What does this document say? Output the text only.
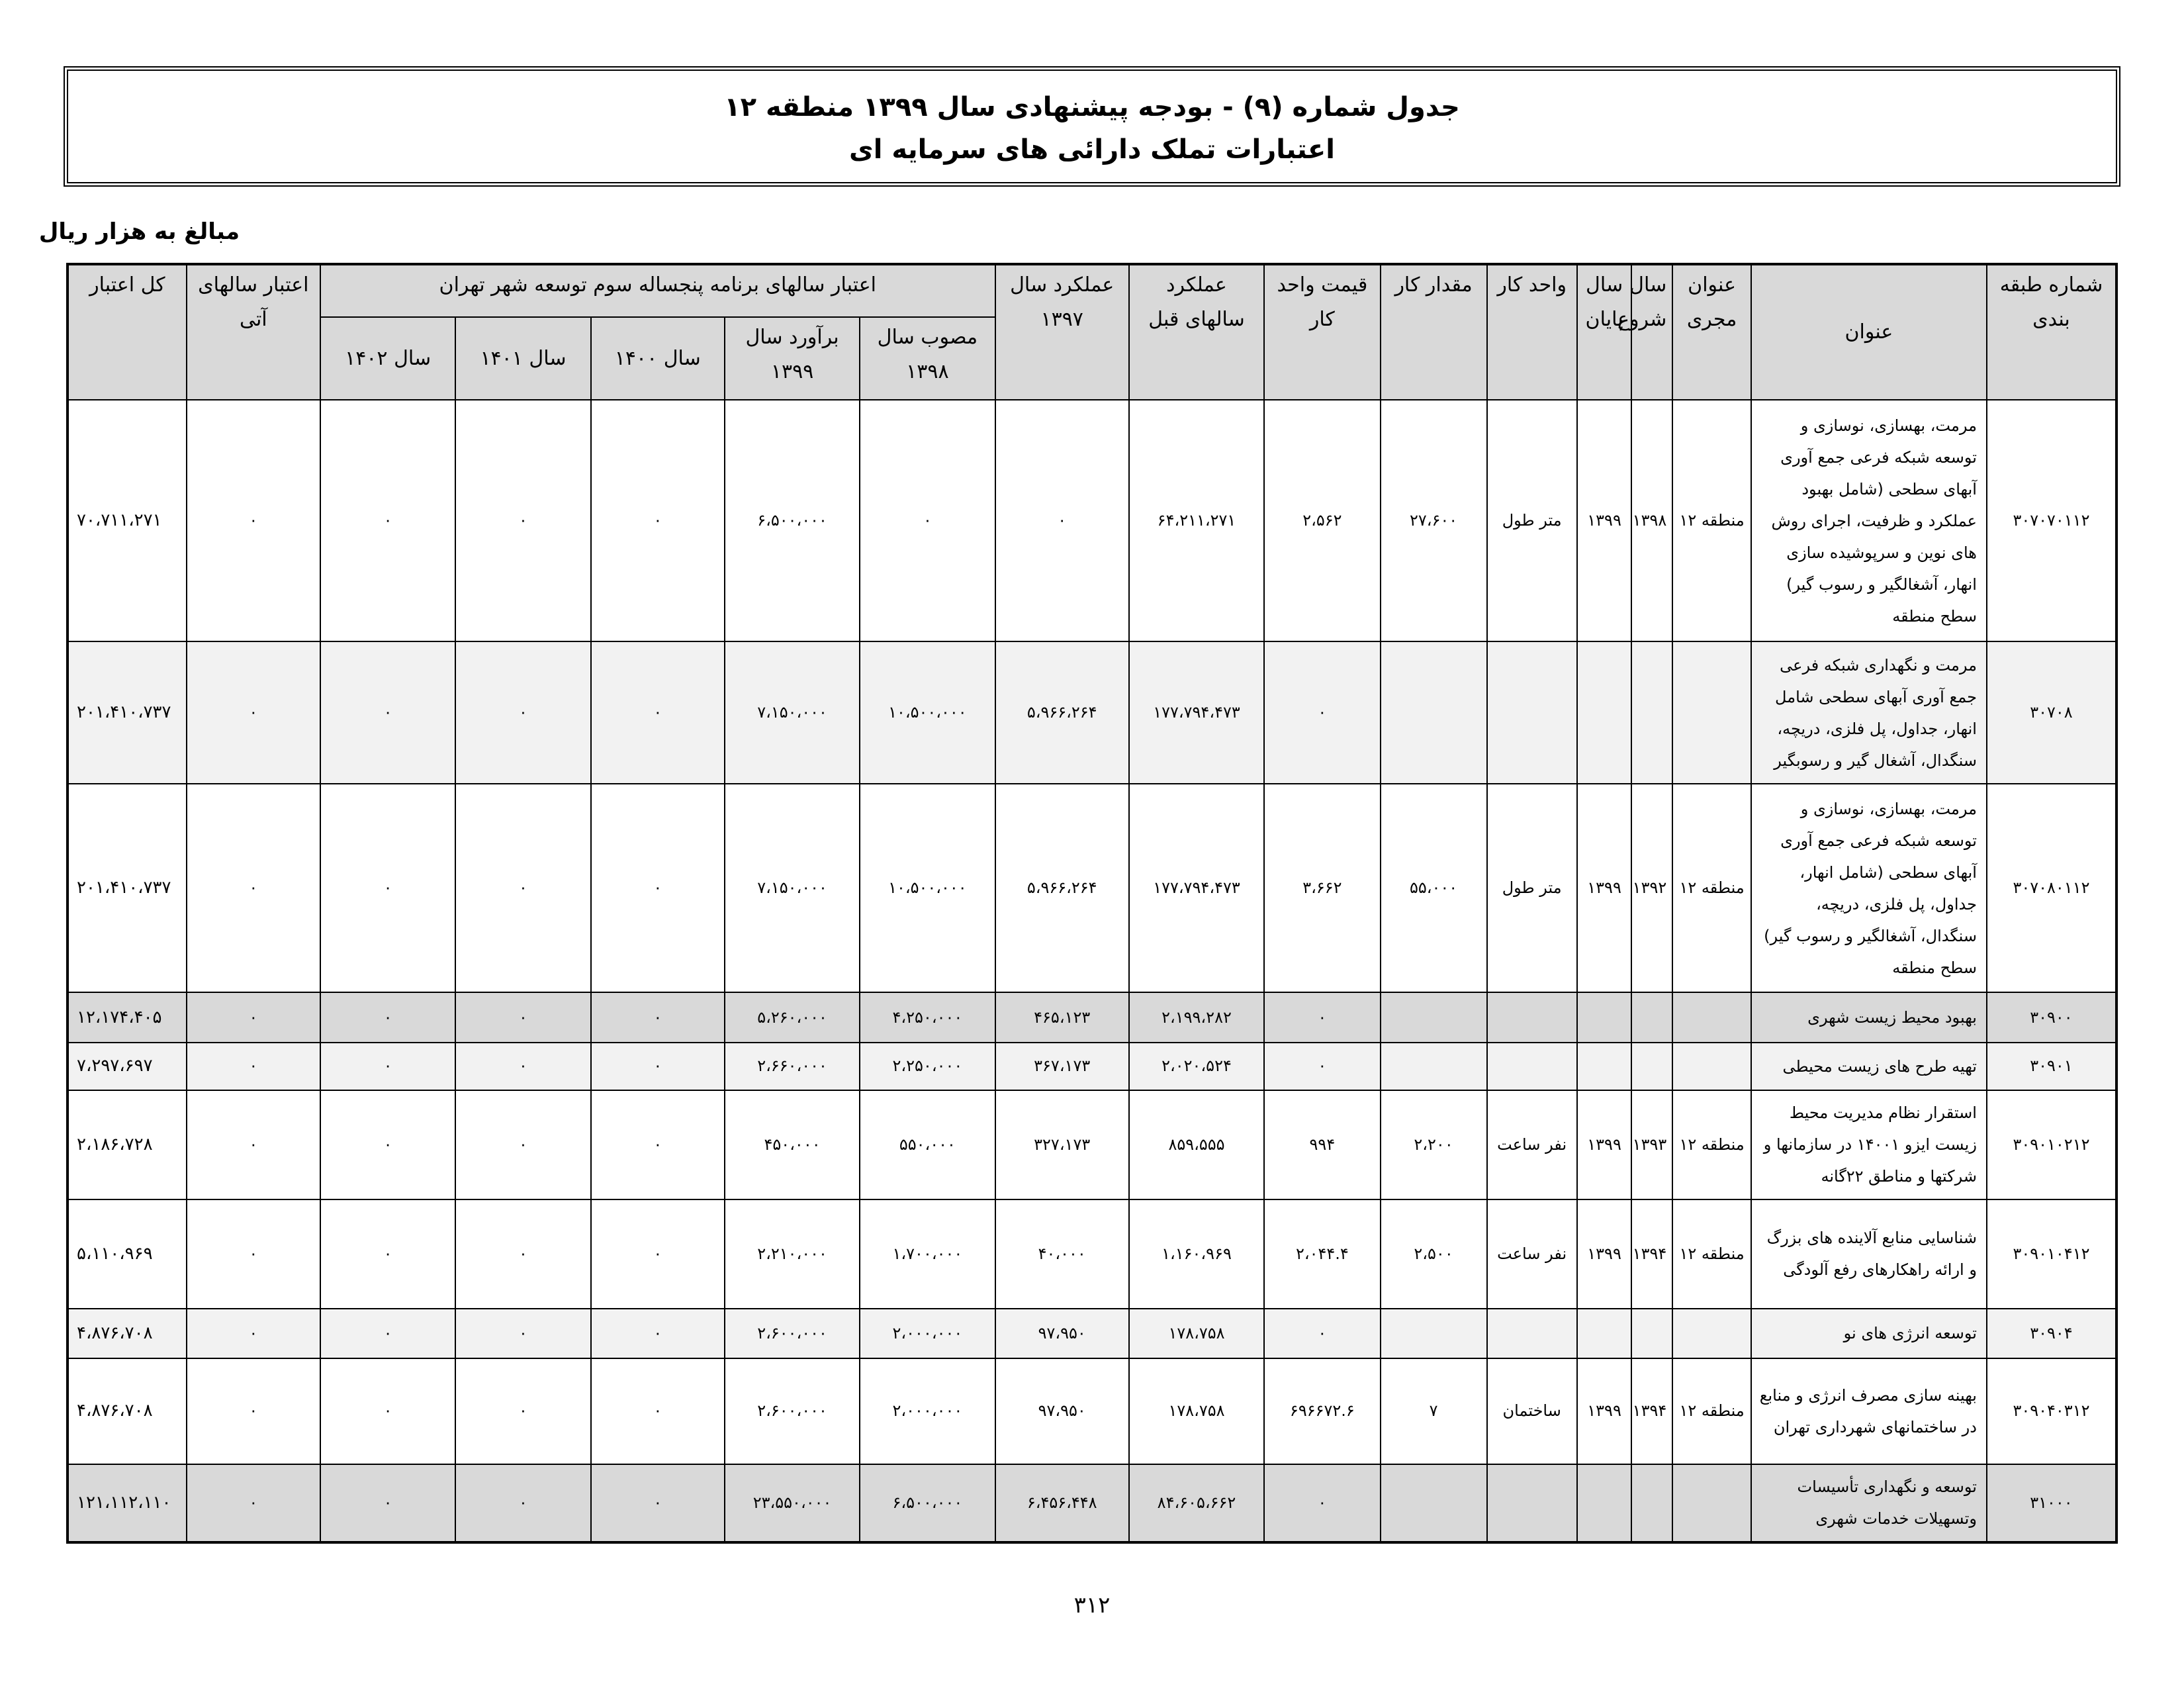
جدول شماره (۹) - بودجه پیشنهادی سال ۱۳۹۹ منطقه ۱۲
اعتبارات تملک دارائی های سرمایه ای
مبالغ به هزار ریال
شماره طبقه بندی	عنوان	عنوان مجری	سال شروع	سال پایان	واحد کار	مقدار کار	قیمت واحد کار	عملکرد سالهای قبل	عملکرد سال ۱۳۹۷	اعتبار سالهای برنامه پنجساله سوم توسعه شهر تهران					اعتبار سالهای آتی	کل اعتبار
										مصوب سال ۱۳۹۸	برآورد سال ۱۳۹۹	سال ۱۴۰۰	سال ۱۴۰۱	سال ۱۴۰۲		
۳۰۷۰۷۰۱۱۲	مرمت، بهسازی، نوسازی و توسعه شبکه فرعی جمع آوری آبهای سطحی (شامل بهبود عملکرد و ظرفیت، اجرای روش های نوین و سرپوشیده سازی انهار، آشغالگیر و رسوب گیر) سطح منطقه	منطقه ۱۲	۱۳۹۸	۱۳۹۹	متر طول	۲۷،۶۰۰	۲،۵۶۲	۶۴،۲۱۱،۲۷۱	۰	۰	۶،۵۰۰،۰۰۰	۰	۰	۰	۰	۷۰،۷۱۱،۲۷۱
۳۰۷۰۸	مرمت و نگهداری شبکه فرعی جمع آوری آبهای سطحی شامل انهار، جداول، پل فلزی، دریچه، سنگدال، آشغال گیر و رسوبگیر						۰	۱۷۷،۷۹۴،۴۷۳	۵،۹۶۶،۲۶۴	۱۰،۵۰۰،۰۰۰	۷،۱۵۰،۰۰۰	۰	۰	۰	۰	۲۰۱،۴۱۰،۷۳۷
۳۰۷۰۸۰۱۱۲	مرمت، بهسازی، نوسازی و توسعه شبکه فرعی جمع آوری آبهای سطحی (شامل انهار، جداول، پل فلزی، دریچه، سنگدال، آشغالگیر و رسوب گیر) سطح منطقه	منطقه ۱۲	۱۳۹۲	۱۳۹۹	متر طول	۵۵،۰۰۰	۳،۶۶۲	۱۷۷،۷۹۴،۴۷۳	۵،۹۶۶،۲۶۴	۱۰،۵۰۰،۰۰۰	۷،۱۵۰،۰۰۰	۰	۰	۰	۰	۲۰۱،۴۱۰،۷۳۷
۳۰۹۰۰	بهبود محیط زیست شهری						۰	۲،۱۹۹،۲۸۲	۴۶۵،۱۲۳	۴،۲۵۰،۰۰۰	۵،۲۶۰،۰۰۰	۰	۰	۰	۰	۱۲،۱۷۴،۴۰۵
۳۰۹۰۱	تهیه طرح های زیست محیطی						۰	۲،۰۲۰،۵۲۴	۳۶۷،۱۷۳	۲،۲۵۰،۰۰۰	۲،۶۶۰،۰۰۰	۰	۰	۰	۰	۷،۲۹۷،۶۹۷
۳۰۹۰۱۰۲۱۲	استقرار نظام مدیریت محیط زیست ایزو ۱۴۰۰۱ در سازمانها و شرکتها و مناطق ۲۲گانه	منطقه ۱۲	۱۳۹۳	۱۳۹۹	نفر ساعت	۲،۲۰۰	۹۹۴	۸۵۹،۵۵۵	۳۲۷،۱۷۳	۵۵۰،۰۰۰	۴۵۰،۰۰۰	۰	۰	۰	۰	۲،۱۸۶،۷۲۸
۳۰۹۰۱۰۴۱۲	شناسایی منابع آلاینده های بزرگ و ارائه راهکارهای رفع آلودگی	منطقه ۱۲	۱۳۹۴	۱۳۹۹	نفر ساعت	۲،۵۰۰	۲،۰۴۴.۴	۱،۱۶۰،۹۶۹	۴۰،۰۰۰	۱،۷۰۰،۰۰۰	۲،۲۱۰،۰۰۰	۰	۰	۰	۰	۵،۱۱۰،۹۶۹
۳۰۹۰۴	توسعه انرژی های نو						۰	۱۷۸،۷۵۸	۹۷،۹۵۰	۲،۰۰۰،۰۰۰	۲،۶۰۰،۰۰۰	۰	۰	۰	۰	۴،۸۷۶،۷۰۸
۳۰۹۰۴۰۳۱۲	بهینه سازی مصرف انرژی و منابع در ساختمانهای شهرداری تهران	منطقه ۱۲	۱۳۹۴	۱۳۹۹	ساختمان	۷	۶۹۶۶۷۲.۶	۱۷۸،۷۵۸	۹۷،۹۵۰	۲،۰۰۰،۰۰۰	۲،۶۰۰،۰۰۰	۰	۰	۰	۰	۴،۸۷۶،۷۰۸
۳۱۰۰۰	توسعه و نگهداری تأسیسات وتسهیلات خدمات شهری						۰	۸۴،۶۰۵،۶۶۲	۶،۴۵۶،۴۴۸	۶،۵۰۰،۰۰۰	۲۳،۵۵۰،۰۰۰	۰	۰	۰	۰	۱۲۱،۱۱۲،۱۱۰
۳۱۲
